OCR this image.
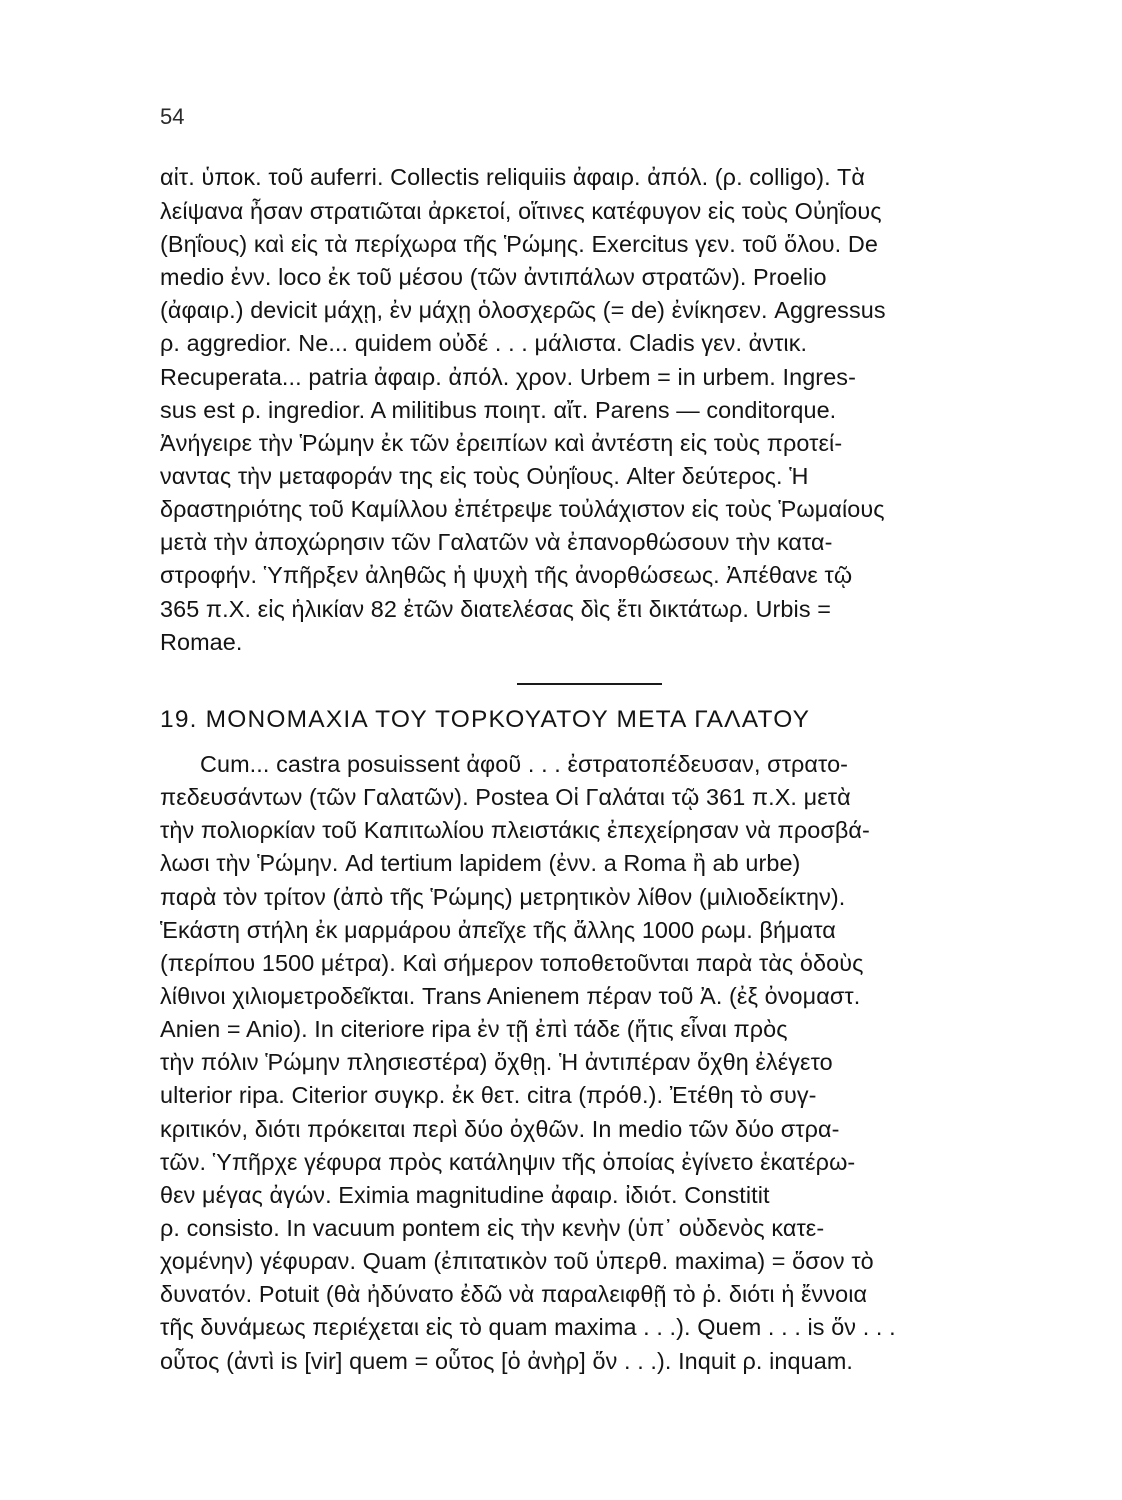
54
αἰτ. ὑποκ. τοῦ auferri. Collectis reliquiis ἀφαιρ. ἀπόλ. (ρ. colligo). Τὰ
λείψανα ἦσαν στρατιῶται ἀρκετοί, οἵτινες κατέφυγον εἰς τοὺς Οὐηΐους
(Βηΐους) καὶ εἰς τὰ περίχωρα τῆς Ῥώμης. Exercitus γεν. τοῦ ὅλου. De
medio ἐνν. loco ἐκ τοῦ μέσου (τῶν ἀντιπάλων στρατῶν). Proelio
(ἀφαιρ.) devicit μάχῃ, ἐν μάχῃ ὁλοσχερῶς (= de) ἐνίκησεν. Aggressus
ρ. aggredior. Ne... quidem οὐδέ . . . μάλιστα. Cladis γεν. ἀντικ.
Recuperata... patria ἀφαιρ. ἀπόλ. χρον. Urbem = in urbem. Ingres-
sus est ρ. ingredior. A militibus ποιητ. αἴτ. Parens — conditorque.
Ἀνήγειρε τὴν Ῥώμην ἐκ τῶν ἐρειπίων καὶ ἀντέστη εἰς τοὺς προτεί-
ναντας τὴν μεταφοράν της εἰς τοὺς Οὐηΐους. Alter δεύτερος. Ἡ
δραστηριότης τοῦ Καμίλλου ἐπέτρεψε τοὐλάχιστον εἰς τοὺς Ῥωμαίους
μετὰ τὴν ἀποχώρησιν τῶν Γαλατῶν νὰ ἐπανορθώσουν τὴν κατα-
στροφήν. Ὑπῆρξεν ἀληθῶς ἡ ψυχὴ τῆς ἀνορθώσεως. Ἀπέθανε τῷ
365 π.Χ. εἰς ἡλικίαν 82 ἐτῶν διατελέσας δὶς ἔτι δικτάτωρ. Urbis =
Romae.
19. ΜΟΝΟΜΑΧΙΑ ΤΟΥ ΤΟΡΚΟΥΑΤΟΥ ΜΕΤΑ ΓΑΛΑΤΟΥ
Cum... castra posuissent ἀφοῦ . . . ἐστρατοπέδευσαν, στρατο-
πεδευσάντων (τῶν Γαλατῶν). Postea Οἱ Γαλάται τῷ 361 π.Χ. μετὰ
τὴν πολιορκίαν τοῦ Καπιτωλίου πλειστάκις ἐπεχείρησαν νὰ προσβά-
λωσι τὴν Ῥώμην. Ad tertium lapidem (ἐνν. a Roma ἢ ab urbe)
παρὰ τὸν τρίτον (ἀπὸ τῆς Ῥώμης) μετρητικὸν λίθον (μιλιοδείκτην).
Ἑκάστη στήλη ἐκ μαρμάρου ἀπεῖχε τῆς ἄλλης 1000 ρωμ. βήματα
(περίπου 1500 μέτρα). Καὶ σήμερον τοποθετοῦνται παρὰ τὰς ὁδοὺς
λίθινοι χιλιομετροδεῖκται. Trans Anienem πέραν τοῦ Ἀ. (ἐξ ὀνομαστ.
Anien = Anio). In citeriore ripa ἐν τῇ ἐπὶ τάδε (ἥτις εἶναι πρὸς
τὴν πόλιν Ῥώμην πλησιεστέρα) ὄχθῃ. Ἡ ἀντιπέραν ὄχθη ἐλέγετο
ulterior ripa. Citerior συγκρ. ἐκ θετ. citra (πρόθ.). Ἐτέθη τὸ συγ-
κριτικόν, διότι πρόκειται περὶ δύο ὀχθῶν. In medio τῶν δύο στρα-
τῶν. Ὑπῆρχε γέφυρα πρὸς κατάληψιν τῆς ὁποίας ἐγίνετο ἑκατέρω-
θεν μέγας ἀγών. Eximia magnitudine ἀφαιρ. ἰδιότ. Constitit
ρ. consisto. In vacuum pontem εἰς τὴν κενὴν (ὑπ᾽ οὐδενὸς κατε-
χομένην) γέφυραν. Quam (ἐπιτατικὸν τοῦ ὑπερθ. maxima) = ὅσον τὸ
δυνατόν. Potuit (θὰ ἠδύνατο ἐδῶ νὰ παραλειφθῇ τὸ ῥ. διότι ἡ ἔννοια
τῆς δυνάμεως περιέχεται εἰς τὸ quam maxima . . .). Quem . . . is ὅν . . .
οὗτος (ἀντὶ is [vir] quem = οὗτος [ὁ ἀνὴρ] ὅν . . .). Inquit ρ. inquam.
